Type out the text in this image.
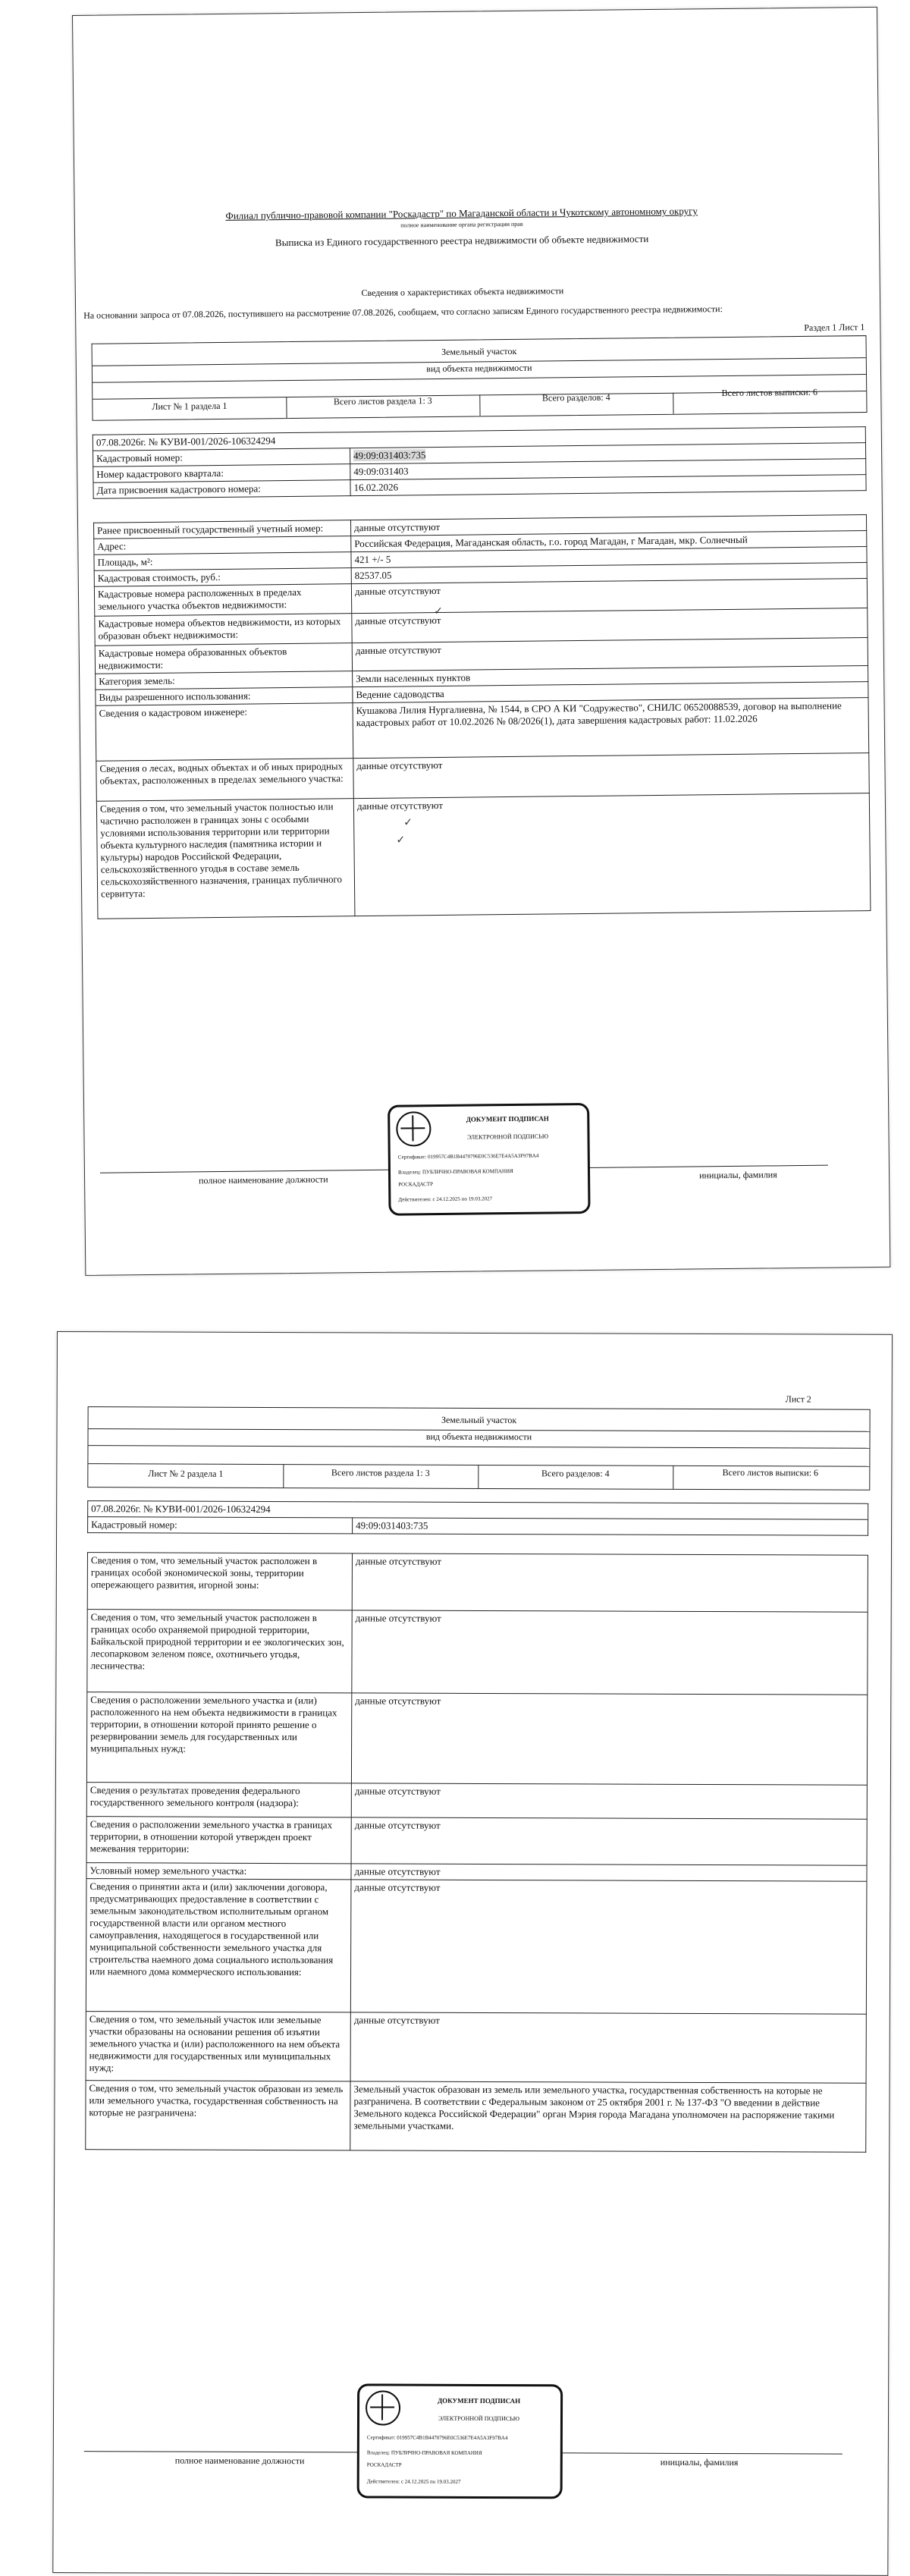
Филиал публично-правовой компании "Роскадастр" по Магаданской области и Чукотскому автономному округу
полное наименование органа регистрации прав
Выписка из Единого государственного реестра недвижимости об объекте недвижимости
Сведения о характеристиках объекта недвижимости
На основании запроса от 07.08.2026, поступившего на рассмотрение 07.08.2026, сообщаем, что согласно записям Единого государственного реестра недвижимости:
Раздел 1 Лист 1
Земельный участок
вид объекта недвижимости
Лист № 1 раздела 1	Всего листов раздела 1: 3	Всего разделов: 4	Всего листов выписки: 6
07.08.2026г. № КУВИ-001/2026-106324294	
Кадастровый номер:	49:09:031403:735
Номер кадастрового квартала:	49:09:031403
Дата присвоения кадастрового номера:	16.02.2026
Ранее присвоенный государственный учетный номер:	данные отсутствуют
Адрес:	Российская Федерация, Магаданская область, г.о. город Магадан, г Магадан, мкр. Солнечный
Площадь, м²:	421 +/- 5
Кадастровая стоимость, руб.:	82537.05
Кадастровые номера расположенных в пределах земельного участка объектов недвижимости:	данные отсутствуют
Кадастровые номера объектов недвижимости, из которых образован объект недвижимости:	данные отсутствуют
Кадастровые номера образованных объектов недвижимости:	данные отсутствуют
Категория земель:	Земли населенных пунктов
Виды разрешенного использования:	Ведение садоводства
Сведения о кадастровом инженере:	Кушакова Лилия Нургалиевна, № 1544, в СРО А КИ "Содружество", СНИЛС 06520088539, договор на выполнение кадастровых работ от 10.02.2026 № 08/2026(1), дата завершения кадастровых работ: 11.02.2026
Сведения о лесах, водных объектах и об иных природных объектах, расположенных в пределах земельного участка:	данные отсутствуют
Сведения о том, что земельный участок полностью или частично расположен в границах зоны с особыми условиями использования территории или территории объекта культурного наследия (памятника истории и культуры) народов Российской Федерации, сельскохозяйственного угодья в составе земель сельскохозяйственного назначения, границах публичного сервитута:	данные отсутствуют
✓
✓
✓
полное наименование должности	инициалы, фамилия
ДОКУМЕНТ ПОДПИСАН
ЭЛЕКТРОННОЙ ПОДПИСЬЮ
Сертификат: 019957C4B1B4470796E0C536E7E4A5A3F97BA4
Владелец: ПУБЛИЧНО-ПРАВОВАЯ КОМПАНИЯ
РОСКАДАСТР
Действителен: с 24.12.2025 по 19.03.2027
Лист 2
Земельный участок
вид объекта недвижимости
Лист № 2 раздела 1	Всего листов раздела 1: 3	Всего разделов: 4	Всего листов выписки: 6
07.08.2026г. № КУВИ-001/2026-106324294
Кадастровый номер:	49:09:031403:735
Сведения о том, что земельный участок расположен в границах особой экономической зоны, территории опережающего развития, игорной зоны:	данные отсутствуют
Сведения о том, что земельный участок расположен в границах особо охраняемой природной территории, Байкальской природной территории и ее экологических зон, лесопарковом зеленом поясе, охотничьего угодья, лесничества:	данные отсутствуют
Сведения о расположении земельного участка и (или) расположенного на нем объекта недвижимости в границах территории, в отношении которой принято решение о резервировании земель для государственных или муниципальных нужд:	данные отсутствуют
Сведения о результатах проведения федерального государственного земельного контроля (надзора):	данные отсутствуют
Сведения о расположении земельного участка в границах территории, в отношении которой утвержден проект межевания территории:	данные отсутствуют
Условный номер земельного участка:	данные отсутствуют
Сведения о принятии акта и (или) заключении договора, предусматривающих предоставление в соответствии с земельным законодательством исполнительным органом государственной власти или органом местного самоуправления, находящегося в государственной или муниципальной собственности земельного участка для строительства наемного дома социального использования или наемного дома коммерческого использования:	данные отсутствуют
Сведения о том, что земельный участок или земельные участки образованы на основании решения об изъятии земельного участка и (или) расположенного на нем объекта недвижимости для государственных или муниципальных нужд:	данные отсутствуют
Сведения о том, что земельный участок образован из земель или земельного участка, государственная собственность на которые не разграничена:	Земельный участок образован из земель или земельного участка, государственная собственность на которые не разграничена. В соответствии с Федеральным законом от 25 октября 2001 г. № 137-ФЗ "О введении в действие Земельного кодекса Российской Федерации" орган Мэрия города Магадана уполномочен на распоряжение такими земельными участками.
полное наименование должности	инициалы, фамилия
ДОКУМЕНТ ПОДПИСАН
ЭЛЕКТРОННОЙ ПОДПИСЬЮ
Сертификат: 019957C4B1B4470796E0C536E7E4A5A3F97BA4
Владелец: ПУБЛИЧНО-ПРАВОВАЯ КОМПАНИЯ
РОСКАДАСТР
Действителен: с 24.12.2025 по 19.03.2027
